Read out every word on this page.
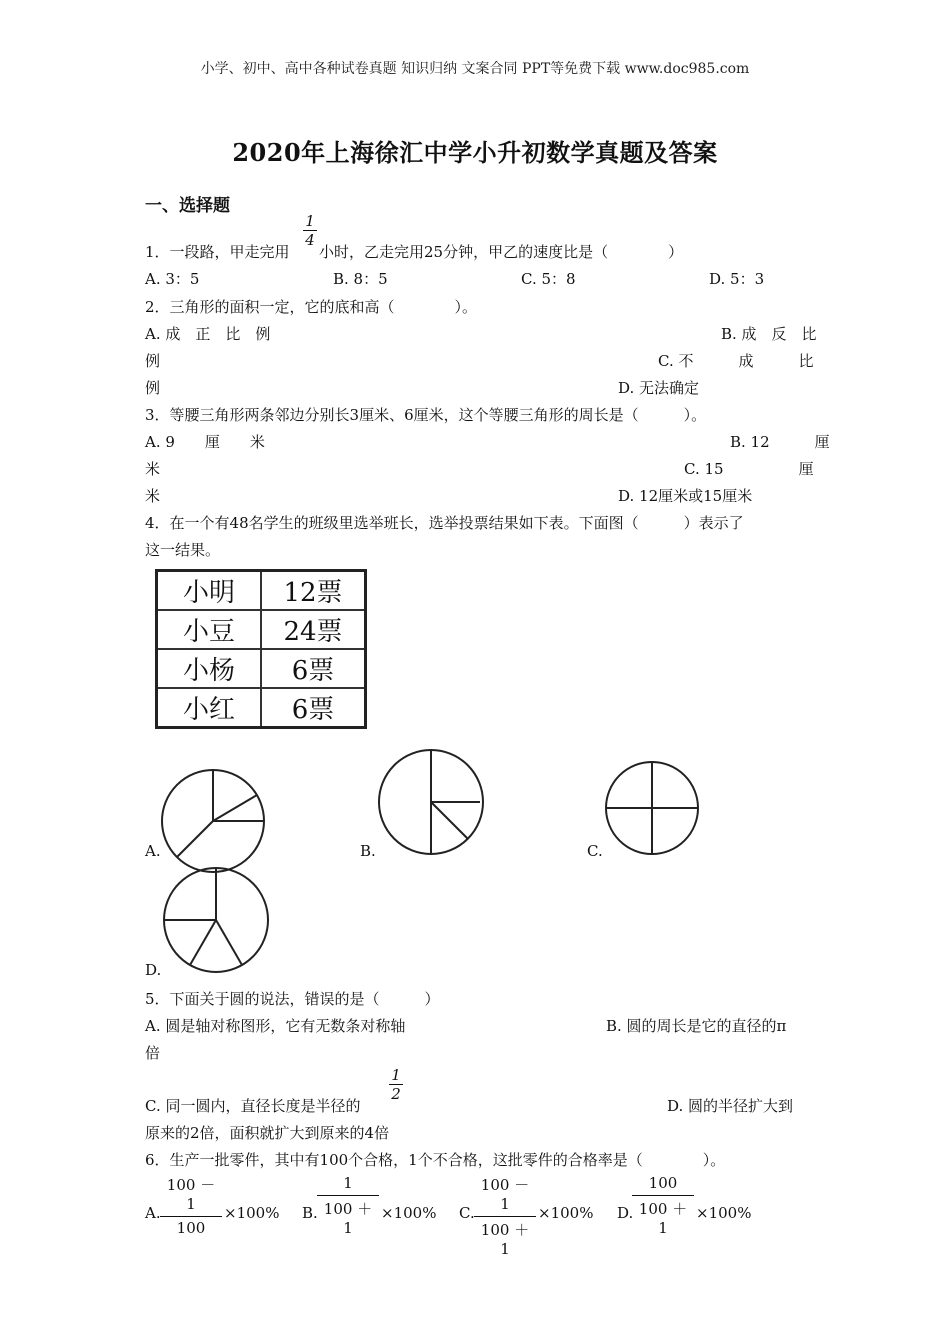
小学、初中、高中各种试卷真题 知识归纳 文案合同 PPT等免费下载 www.doc985.com
2020年上海徐汇中学小升初数学真题及答案
一、选择题
1．一段路，甲走完用
$\frac{1}{4}$
小时，乙走完用25分钟，甲乙的速度比是（　　　　）
A. 3：5	B. 8：5	C. 5：8	D. 5：3
2．三角形的面积一定，它的底和高（　　　　）。
A. 成　正　比　例	B. 成　反　比
例	C. 不　　　成　　　比
例	D. 无法确定
3．等腰三角形两条邻边分别长3厘米、6厘米，这个等腰三角形的周长是（　　　）。
A. 9　　厘　　米	B. 12　　　厘
米	C. 15　　　　　厘
米	D. 12厘米或15厘米
4．在一个有48名学生的班级里选举班长，选举投票结果如下表。下面图（　　　）表示了
这一结果。
小明	12票
小豆	24票
小杨	6票
小红	6票
A.	B.	C.
D.
5．下面关于圆的说法，错误的是（　　　）
A. 圆是轴对称图形，它有无数条对称轴	B. 圆的周长是它的直径的π
倍
C. 同一圆内，直径长度是半径的
$\frac{1}{2}$
D. 圆的半径扩大到
原来的2倍，面积就扩大到原来的4倍
6．生产一批零件，其中有100个合格，1个不合格，这批零件的合格率是（　　　　）。
A. $\frac{100 - 1}{100} \times 100\%$ B. $\frac{1}{100 + 1} \times 100\%$ C. $\frac{100 - 1}{100 + 1} \times 100\%$ D.
$\frac{100}{100 + 1} \times 100\%$
